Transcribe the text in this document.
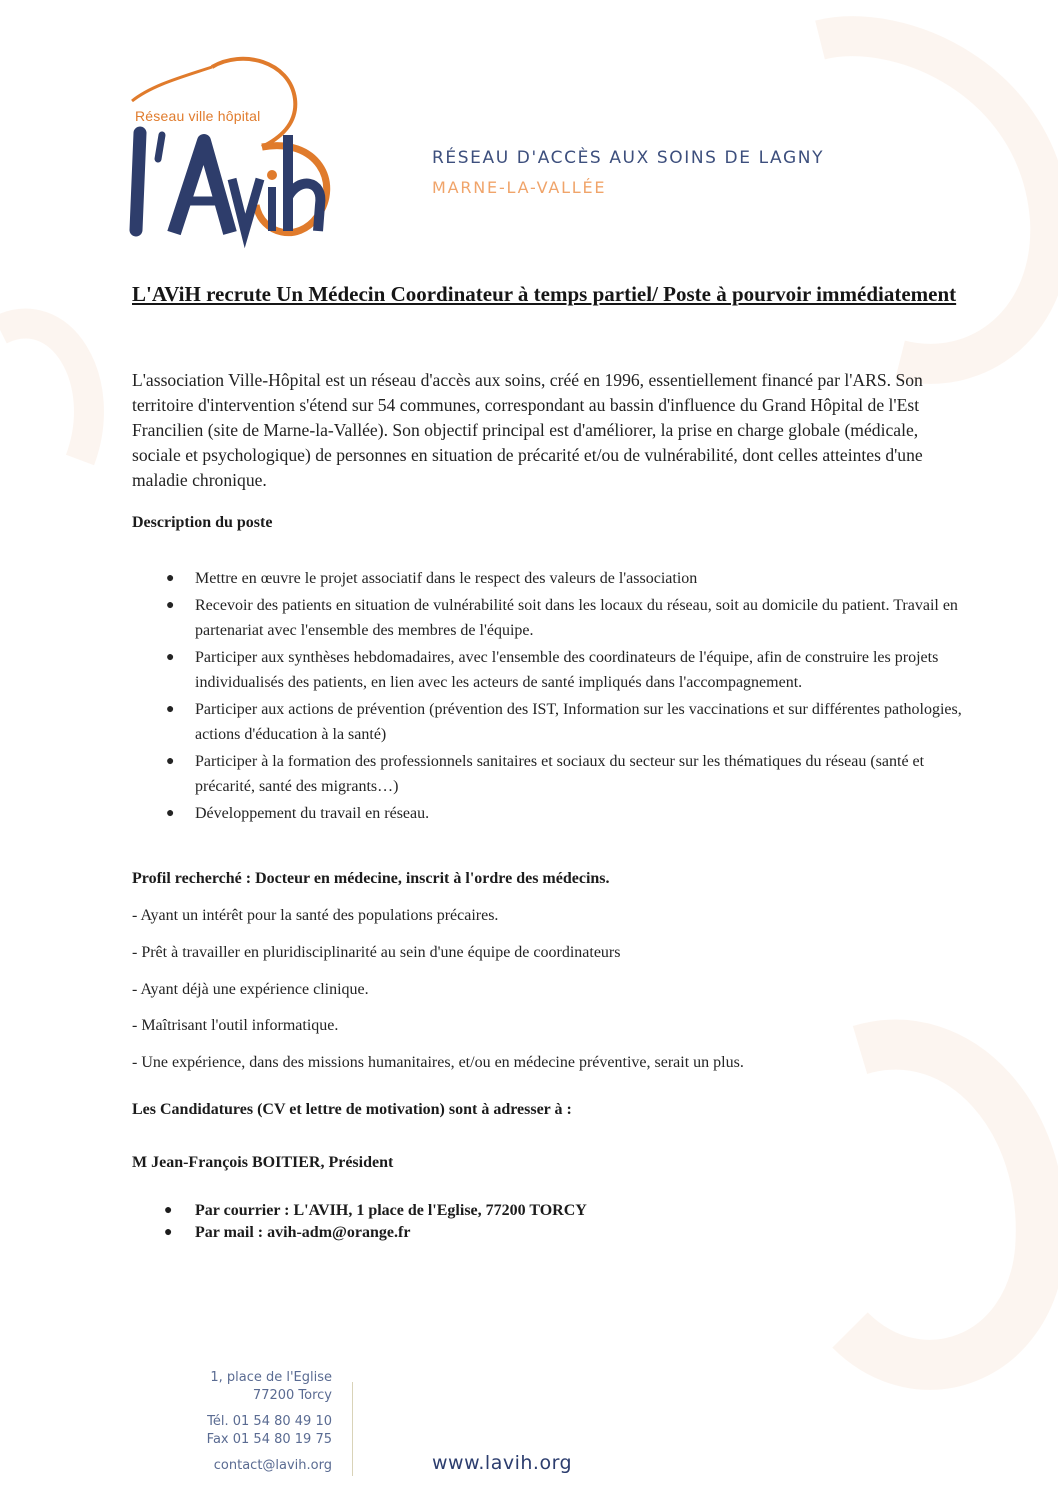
Réseau ville hôpital
RÉSEAU D'ACCÈS AUX SOINS DE LAGNY
MARNE-LA-VALLÉE
L'AViH recrute Un Médecin Coordinateur à temps partiel/ Poste à pourvoir immédiatement
L'association Ville-Hôpital est un réseau d'accès aux soins, créé en 1996, essentiellement financé par l'ARS. Son territoire d'intervention s'étend sur 54 communes, correspondant au bassin d'influence du Grand Hôpital de l'Est Francilien (site de Marne-la-Vallée). Son objectif principal est d'améliorer, la prise en charge globale (médicale, sociale et psychologique) de personnes en situation de précarité et/ou de vulnérabilité, dont celles atteintes d'une maladie chronique.
Description du poste
● Mettre en œuvre le projet associatif dans le respect des valeurs de l'association
● Recevoir des patients en situation de vulnérabilité soit dans les locaux du réseau, soit au domicile du patient. Travail en partenariat avec l'ensemble des membres de l'équipe.
● Participer aux synthèses hebdomadaires, avec l'ensemble des coordinateurs de l'équipe, afin de construire les projets individualisés des patients, en lien avec les acteurs de santé impliqués dans l'accompagnement.
● Participer aux actions de prévention (prévention des IST, Information sur les vaccinations et sur différentes pathologies, actions d'éducation à la santé)
● Participer à la formation des professionnels sanitaires et sociaux du secteur sur les thématiques du réseau (santé et précarité, santé des migrants…)
● Développement du travail en réseau.
Profil recherché : Docteur en médecine, inscrit à l'ordre des médecins.
- Ayant un intérêt pour la santé des populations précaires.
- Prêt à travailler en pluridisciplinarité au sein d'une équipe de coordinateurs
- Ayant déjà une expérience clinique.
- Maîtrisant l'outil informatique.
- Une expérience, dans des missions humanitaires, et/ou en médecine préventive, serait un plus.
Les Candidatures (CV et lettre de motivation) sont à adresser à :
M Jean-François BOITIER, Président
● Par courrier : L'AVIH, 1 place de l'Eglise, 77200 TORCY
● Par mail : avih-adm@orange.fr
1, place de l'Eglise
77200 Torcy
Tél. 01 54 80 49 10
Fax 01 54 80 19 75
contact@lavih.org	www.lavih.org
